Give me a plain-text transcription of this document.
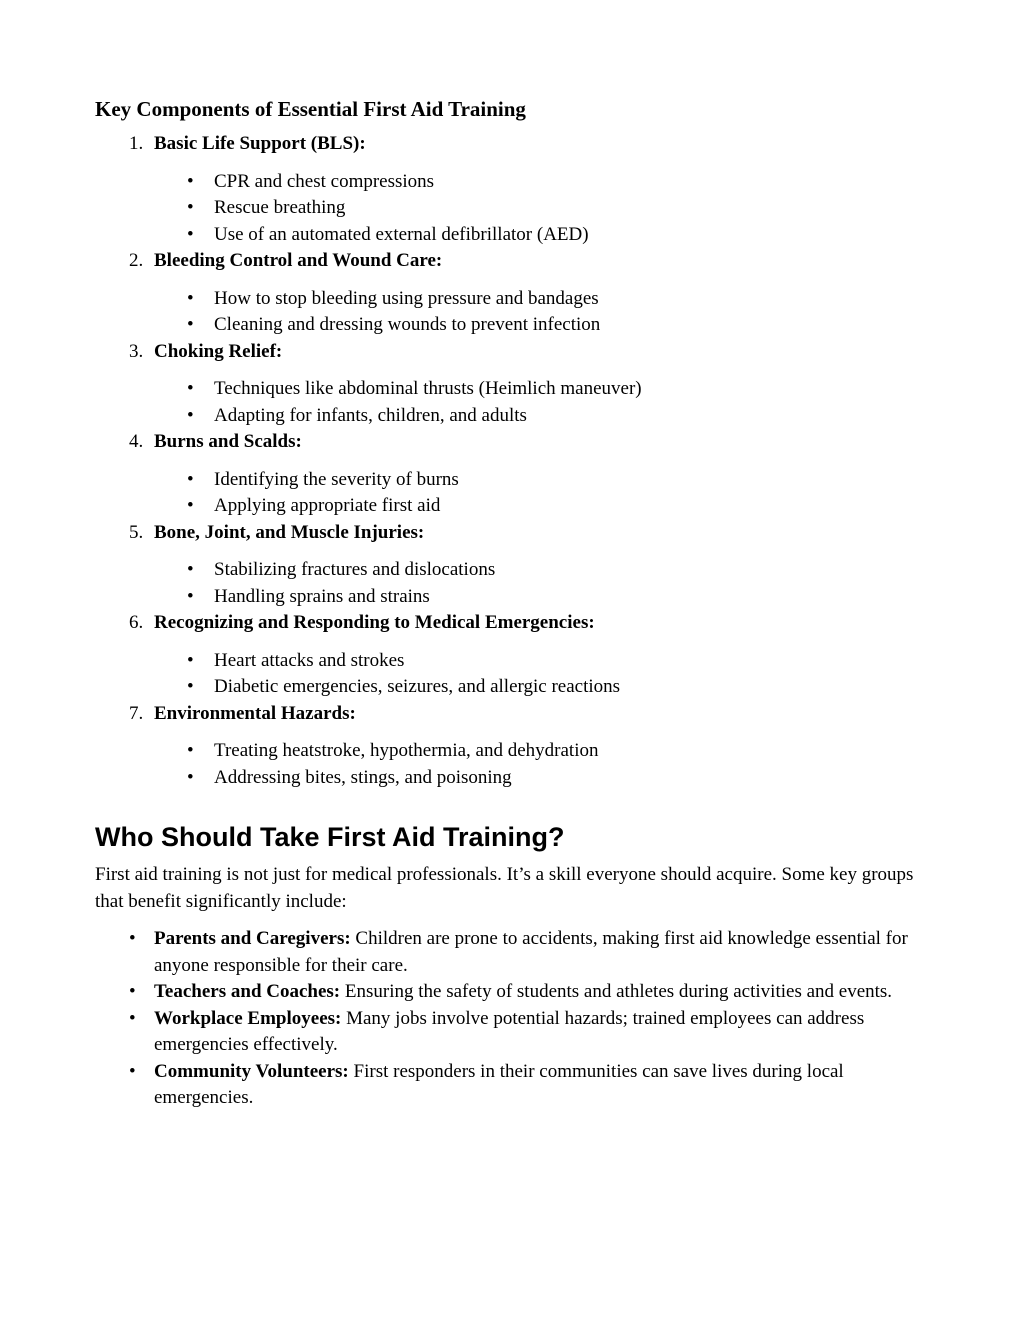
Key Components of Essential First Aid Training
1. Basic Life Support (BLS):
• CPR and chest compressions
• Rescue breathing
• Use of an automated external defibrillator (AED)
2. Bleeding Control and Wound Care:
• How to stop bleeding using pressure and bandages
• Cleaning and dressing wounds to prevent infection
3. Choking Relief:
• Techniques like abdominal thrusts (Heimlich maneuver)
• Adapting for infants, children, and adults
4. Burns and Scalds:
• Identifying the severity of burns
• Applying appropriate first aid
5. Bone, Joint, and Muscle Injuries:
• Stabilizing fractures and dislocations
• Handling sprains and strains
6. Recognizing and Responding to Medical Emergencies:
• Heart attacks and strokes
• Diabetic emergencies, seizures, and allergic reactions
7. Environmental Hazards:
• Treating heatstroke, hypothermia, and dehydration
• Addressing bites, stings, and poisoning
Who Should Take First Aid Training?

First aid training is not just for medical professionals. It’s a skill everyone should acquire. Some key groups that benefit significantly include:

• Parents and Caregivers: Children are prone to accidents, making first aid knowledge essential for anyone responsible for their care.
• Teachers and Coaches: Ensuring the safety of students and athletes during activities and events.
• Workplace Employees: Many jobs involve potential hazards; trained employees can address emergencies effectively.
• Community Volunteers: First responders in their communities can save lives during local emergencies.
